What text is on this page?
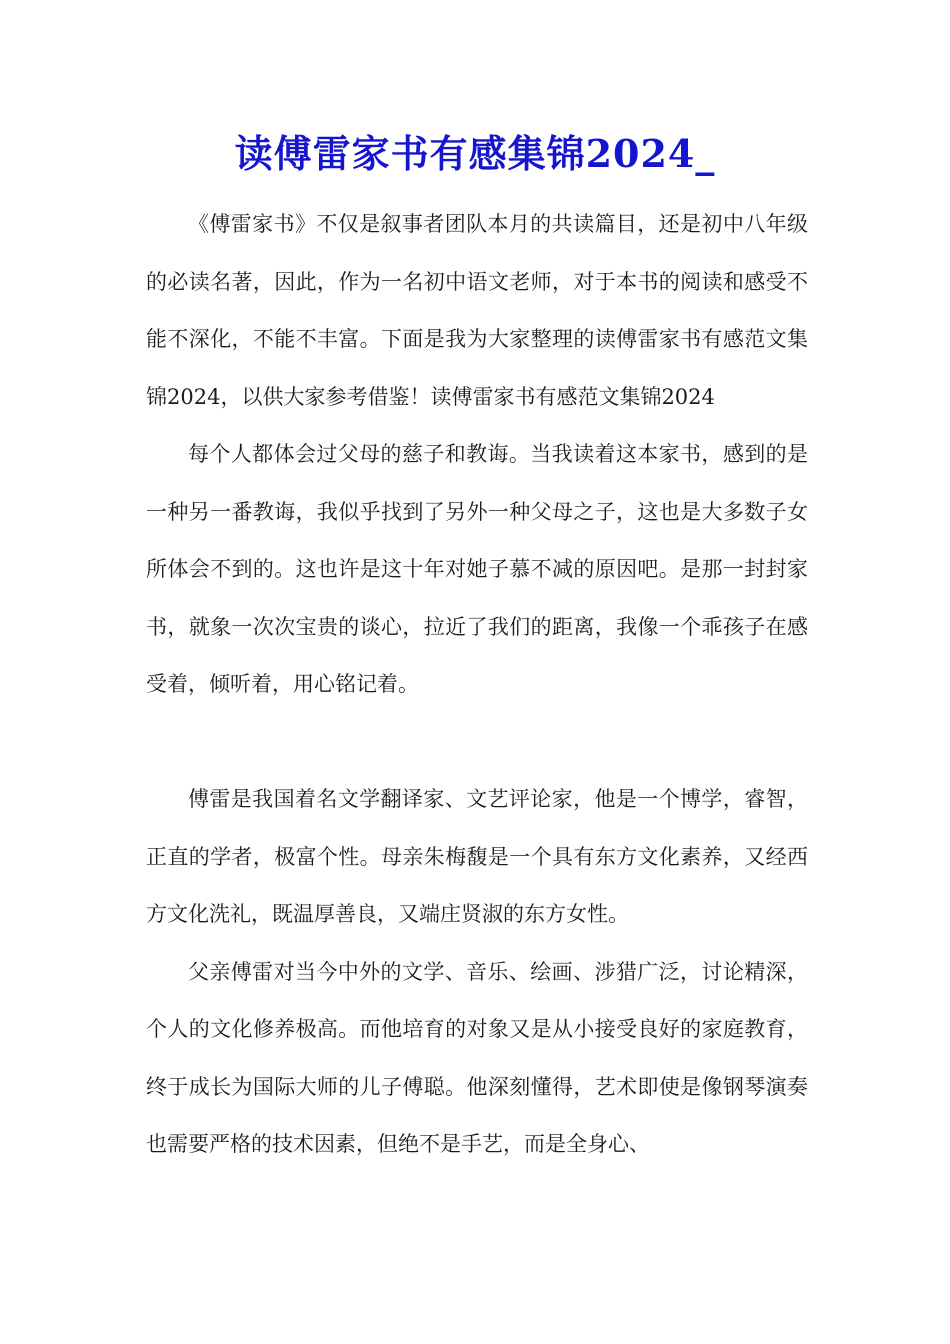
读傅雷家书有感集锦2024_

《傅雷家书》不仅是叙事者团队本月的共读篇目，还是初中八年级的必读名著，因此，作为一名初中语文老师，对于本书的阅读和感受不能不深化，不能不丰富。下面是我为大家整理的读傅雷家书有感范文集锦2024，以供大家参考借鉴！读傅雷家书有感范文集锦2024

每个人都体会过父母的慈子和教诲。当我读着这本家书，感到的是一种另一番教诲，我似乎找到了另外一种父母之子，这也是大多数子女所体会不到的。这也许是这十年对她子慕不减的原因吧。是那一封封家书，就象一次次宝贵的谈心，拉近了我们的距离，我像一个乖孩子在感受着，倾听着，用心铭记着。

傅雷是我国着名文学翻译家、文艺评论家，他是一个博学，睿智，正直的学者，极富个性。母亲朱梅馥是一个具有东方文化素养，又经西方文化洗礼，既温厚善良，又端庄贤淑的东方女性。

父亲傅雷对当今中外的文学、音乐、绘画、涉猎广泛，讨论精深，个人的文化修养极高。而他培育的对象又是从小接受良好的家庭教育，终于成长为国际大师的儿子傅聪。他深刻懂得，艺术即使是像钢琴演奏也需要严格的技术因素，但绝不是手艺，而是全身心、
